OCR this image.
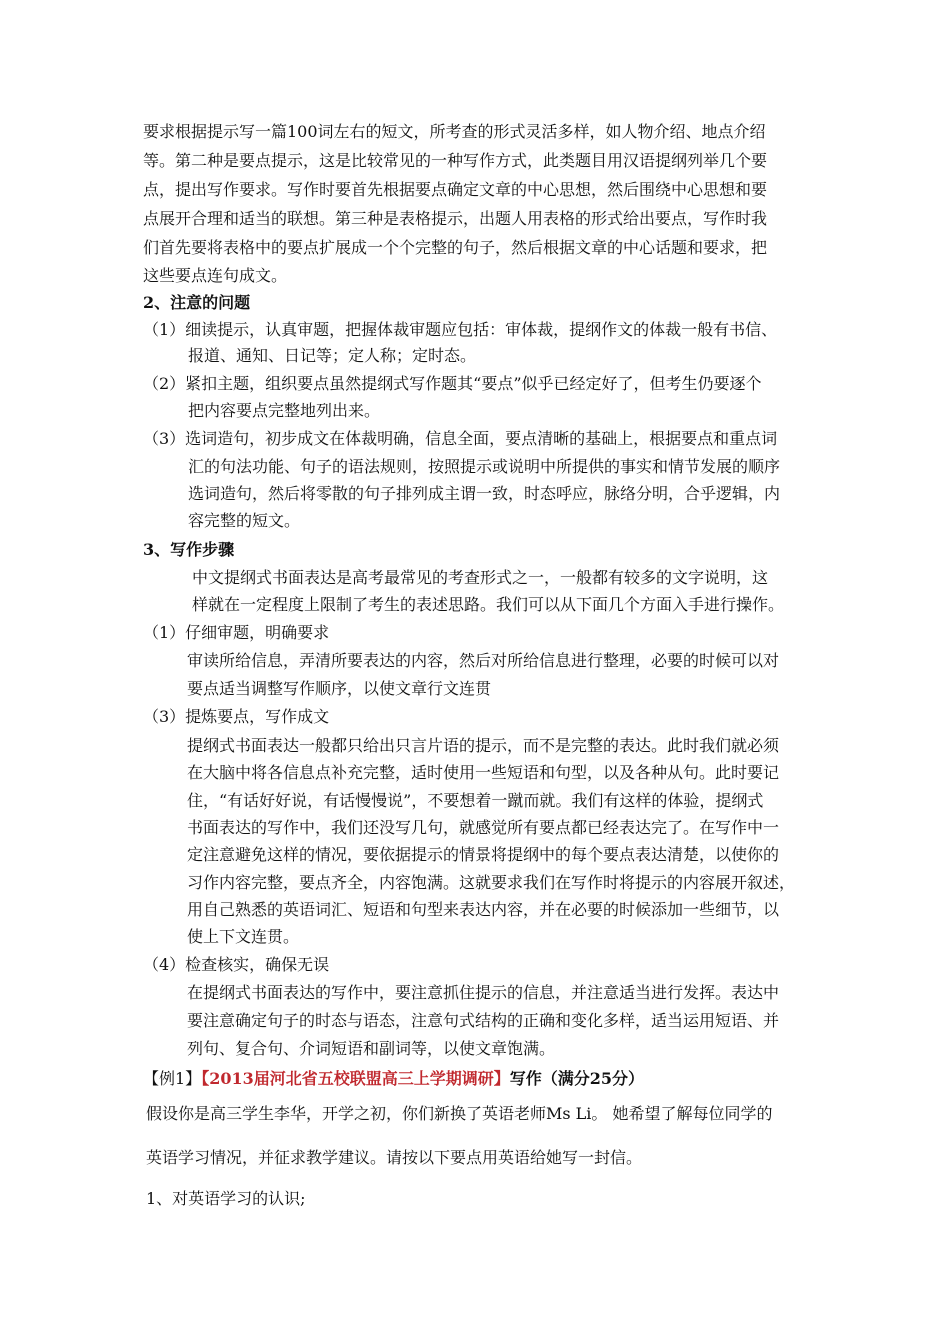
要求根据提示写一篇100词左右的短文，所考查的形式灵活多样，如人物介绍、地点介绍
等。第二种是要点提示，这是比较常见的一种写作方式，此类题目用汉语提纲列举几个要
点，提出写作要求。写作时要首先根据要点确定文章的中心思想，然后围绕中心思想和要
点展开合理和适当的联想。第三种是表格提示，出题人用表格的形式给出要点，写作时我
们首先要将表格中的要点扩展成一个个完整的句子，然后根据文章的中心话题和要求，把
这些要点连句成文。
2、注意的问题
（1）细读提示，认真审题，把握体裁审题应包括：审体裁，提纲作文的体裁一般有书信、
报道、通知、日记等；定人称；定时态。
（2）紧扣主题，组织要点虽然提纲式写作题其“要点”似乎已经定好了，但考生仍要逐个
把内容要点完整地列出来。
（3）选词造句，初步成文在体裁明确，信息全面，要点清晰的基础上，根据要点和重点词
汇的句法功能、句子的语法规则，按照提示或说明中所提供的事实和情节发展的顺序
选词造句，然后将零散的句子排列成主谓一致，时态呼应，脉络分明，合乎逻辑，内
容完整的短文。
3、写作步骤
中文提纲式书面表达是高考最常见的考查形式之一，一般都有较多的文字说明，这
样就在一定程度上限制了考生的表述思路。我们可以从下面几个方面入手进行操作。
（1）仔细审题，明确要求
审读所给信息，弄清所要表达的内容，然后对所给信息进行整理，必要的时候可以对
要点适当调整写作顺序，以使文章行文连贯
（3）提炼要点，写作成文
提纲式书面表达一般都只给出只言片语的提示，而不是完整的表达。此时我们就必须
在大脑中将各信息点补充完整，适时使用一些短语和句型，以及各种从句。此时要记
住，“有话好好说，有话慢慢说”，不要想着一蹴而就。我们有这样的体验，提纲式
书面表达的写作中，我们还没写几句，就感觉所有要点都已经表达完了。在写作中一
定注意避免这样的情况，要依据提示的情景将提纲中的每个要点表达清楚，以使你的
习作内容完整，要点齐全，内容饱满。这就要求我们在写作时将提示的内容展开叙述，
用自己熟悉的英语词汇、短语和句型来表达内容，并在必要的时候添加一些细节，以
使上下文连贯。
（4）检查核实，确保无误
在提纲式书面表达的写作中，要注意抓住提示的信息，并注意适当进行发挥。表达中
要注意确定句子的时态与语态，注意句式结构的正确和变化多样，适当运用短语、并
列句、复合句、介词短语和副词等，以使文章饱满。
【例1】【2013届河北省五校联盟高三上学期调研】写作（满分25分）
假设你是高三学生李华，开学之初，你们新换了英语老师Ms Li。 她希望了解每位同学的
英语学习情况，并征求教学建议。请按以下要点用英语给她写一封信。
1、对英语学习的认识;
